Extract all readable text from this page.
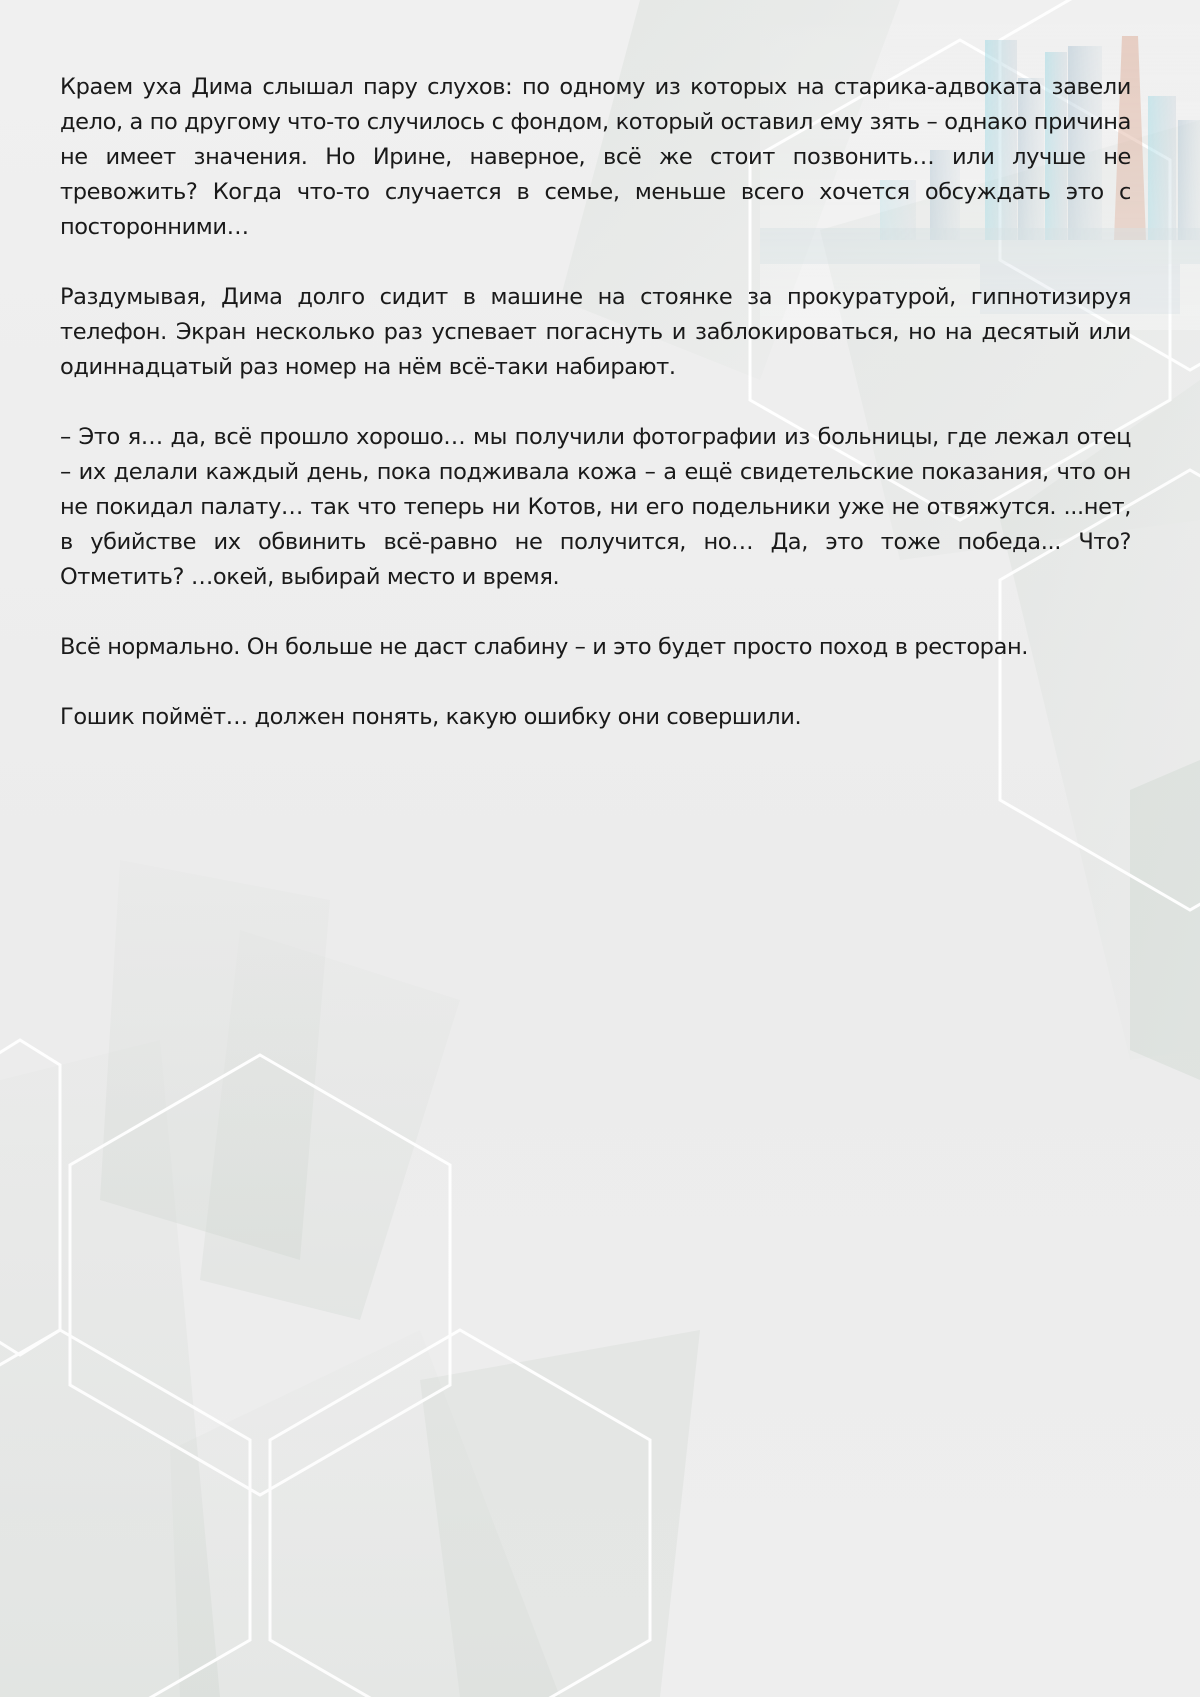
Краем уха Дима слышал пару слухов: по одному из которых на старика-адвоката завели дело, а по другому что-то случилось с фондом, который оставил ему зять – однако причина не имеет значения. Но Ирине, наверное, всё же стоит позвонить… или лучше не тревожить? Когда что-то случается в семье, меньше всего хочется обсуждать это с посторонними…

Раздумывая, Дима долго сидит в машине на стоянке за прокуратурой, гипнотизируя телефон. Экран несколько раз успевает погаснуть и заблокироваться, но на десятый или одиннадцатый раз номер на нём всё-таки набирают.

– Это я… да, всё прошло хорошо… мы получили фотографии из больницы, где лежал отец – их делали каждый день, пока подживала кожа – а ещё свидетельские показания, что он не покидал палату… так что теперь ни Котов, ни его подельники уже не отвяжутся. ...нет, в убийстве их обвинить всё-равно не получится, но… Да, это тоже победа... Что? Отметить? …окей, выбирай место и время.

Всё нормально. Он больше не даст слабину – и это будет просто поход в ресторан.

Гошик поймёт… должен понять, какую ошибку они совершили.
